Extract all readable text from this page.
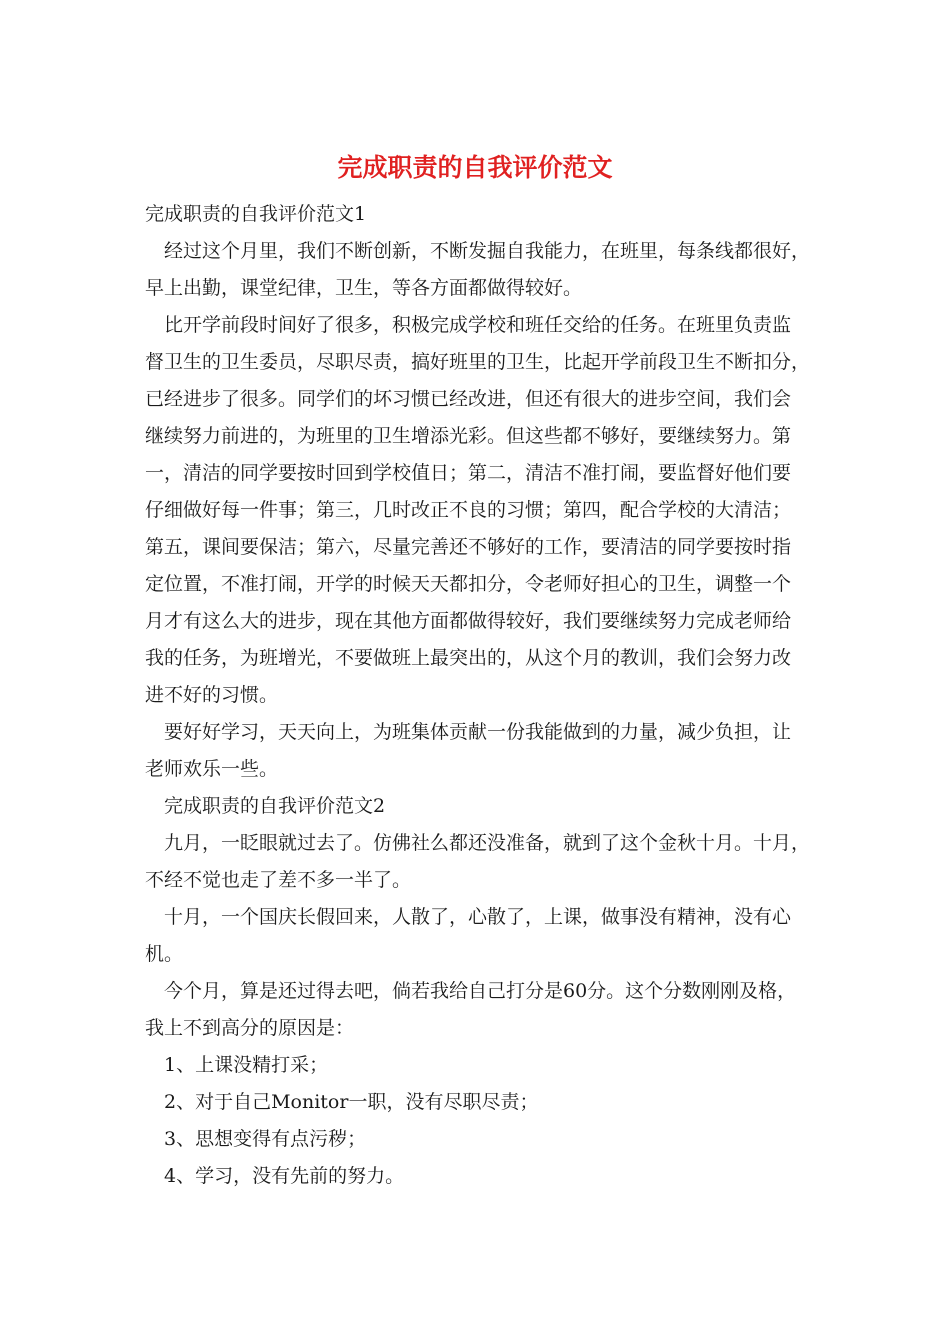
完成职责的自我评价范文

完成职责的自我评价范文1

经过这个月里，我们不断创新，不断发掘自我能力，在班里，每条线都很好，

早上出勤，课堂纪律，卫生，等各方面都做得较好。

比开学前段时间好了很多，积极完成学校和班任交给的任务。在班里负责监

督卫生的卫生委员，尽职尽责，搞好班里的卫生，比起开学前段卫生不断扣分，

已经进步了很多。同学们的坏习惯已经改进，但还有很大的进步空间，我们会

继续努力前进的，为班里的卫生增添光彩。但这些都不够好，要继续努力。第

一，清洁的同学要按时回到学校值日；第二，清洁不准打闹，要监督好他们要

仔细做好每一件事；第三，几时改正不良的习惯；第四，配合学校的大清洁；

第五，课间要保洁；第六，尽量完善还不够好的工作，要清洁的同学要按时指

定位置，不准打闹，开学的时候天天都扣分，令老师好担心的卫生，调整一个

月才有这么大的进步，现在其他方面都做得较好，我们要继续努力完成老师给

我的任务，为班增光，不要做班上最突出的，从这个月的教训，我们会努力改

进不好的习惯。

要好好学习，天天向上，为班集体贡献一份我能做到的力量，减少负担，让

老师欢乐一些。

完成职责的自我评价范文2

九月，一眨眼就过去了。仿佛社么都还没准备，就到了这个金秋十月。十月，

不经不觉也走了差不多一半了。

十月，一个国庆长假回来，人散了，心散了，上课，做事没有精神，没有心

机。

今个月，算是还过得去吧，倘若我给自己打分是60分。这个分数刚刚及格，

我上不到高分的原因是：

1、上课没精打采；

2、对于自己Monitor一职，没有尽职尽责；

3、思想变得有点污秽；

4、学习，没有先前的努力。
